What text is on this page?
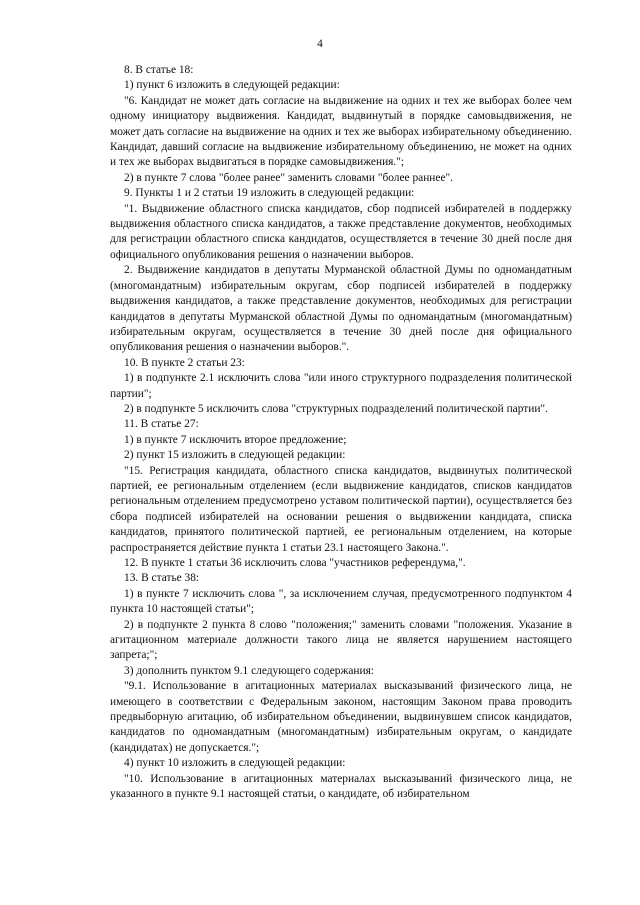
4

8. В статье 18:

1) пункт 6 изложить в следующей редакции:

"6. Кандидат не может дать согласие на выдвижение на одних и тех же выборах более чем одному инициатору выдвижения. Кандидат, выдвинутый в порядке самовыдвижения, не может дать согласие на выдвижение на одних и тех же выборах избирательному объединению. Кандидат, давший согласие на выдвижение избирательному объединению, не может на одних и тех же выборах выдвигаться в порядке самовыдвижения.";

2) в пункте 7 слова "более ранее" заменить словами "более раннее".

9. Пункты 1 и 2 статьи 19 изложить в следующей редакции:

"1. Выдвижение областного списка кандидатов, сбор подписей избирателей в поддержку выдвижения областного списка кандидатов, а также представление документов, необходимых для регистрации областного списка кандидатов, осуществляется в течение 30 дней после дня официального опубликования решения о назначении выборов.

2. Выдвижение кандидатов в депутаты Мурманской областной Думы по одномандатным (многомандатным) избирательным округам, сбор подписей избирателей в поддержку выдвижения кандидатов, а также представление документов, необходимых для регистрации кандидатов в депутаты Мурманской областной Думы по одномандатным (многомандатным) избирательным округам, осуществляется в течение 30 дней после дня официального опубликования решения о назначении выборов.".

10. В пункте 2 статьи 23:

1) в подпункте 2.1 исключить слова "или иного структурного подразделения политической партии";

2) в подпункте 5 исключить слова "структурных подразделений политической партии".

11. В статье 27:

1) в пункте 7 исключить второе предложение;

2) пункт 15 изложить в следующей редакции:

"15. Регистрация кандидата, областного списка кандидатов, выдвинутых политической партией, ее региональным отделением (если выдвижение кандидатов, списков кандидатов региональным отделением предусмотрено уставом политической партии), осуществляется без сбора подписей избирателей на основании решения о выдвижении кандидата, списка кандидатов, принятого политической партией, ее региональным отделением, на которые распространяется действие пункта 1 статьи 23.1 настоящего Закона.".

12. В пункте 1 статьи 36 исключить слова "участников референдума,".

13. В статье 38:

1) в пункте 7 исключить слова ", за исключением случая, предусмотренного подпунктом 4 пункта 10 настоящей статьи";

2) в подпункте 2 пункта 8 слово "положения;" заменить словами "положения. Указание в агитационном материале должности такого лица не является нарушением настоящего запрета;";

3) дополнить пунктом 9.1 следующего содержания:

"9.1. Использование в агитационных материалах высказываний физического лица, не имеющего в соответствии с Федеральным законом, настоящим Законом права проводить предвыборную агитацию, об избирательном объединении, выдвинувшем список кандидатов, кандидатов по одномандатным (многомандатным) избирательным округам, о кандидате (кандидатах) не допускается.";

4) пункт 10 изложить в следующей редакции:

"10. Использование в агитационных материалах высказываний физического лица, не указанного в пункте 9.1 настоящей статьи, о кандидате, об избирательном
